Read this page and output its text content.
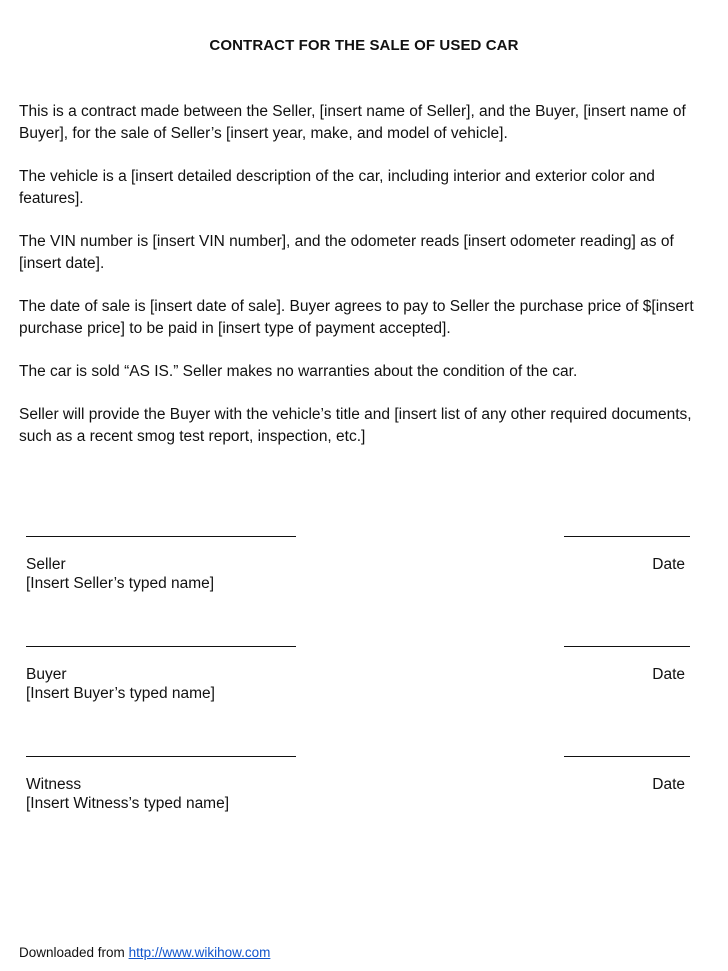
CONTRACT FOR THE SALE OF USED CAR

This is a contract made between the Seller, [insert name of Seller], and the Buyer, [insert name of Buyer], for the sale of Seller’s [insert year, make, and model of vehicle].

The vehicle is a [insert detailed description of the car, including interior and exterior color and features].

The VIN number is [insert VIN number], and the odometer reads [insert odometer reading] as of [insert date].

The date of sale is [insert date of sale]. Buyer agrees to pay to Seller the purchase price of $[insert purchase price] to be paid in [insert type of payment accepted].

The car is sold “AS IS.” Seller makes no warranties about the condition of the car.

Seller will provide the Buyer with the vehicle’s title and [insert list of any other required documents, such as a recent smog test report, inspection, etc.]

Seller	Date
[Insert Seller’s typed name]
Buyer	Date
[Insert Buyer’s typed name]
Witness	Date
[Insert Witness’s typed name]
Downloaded from http://www.wikihow.com
